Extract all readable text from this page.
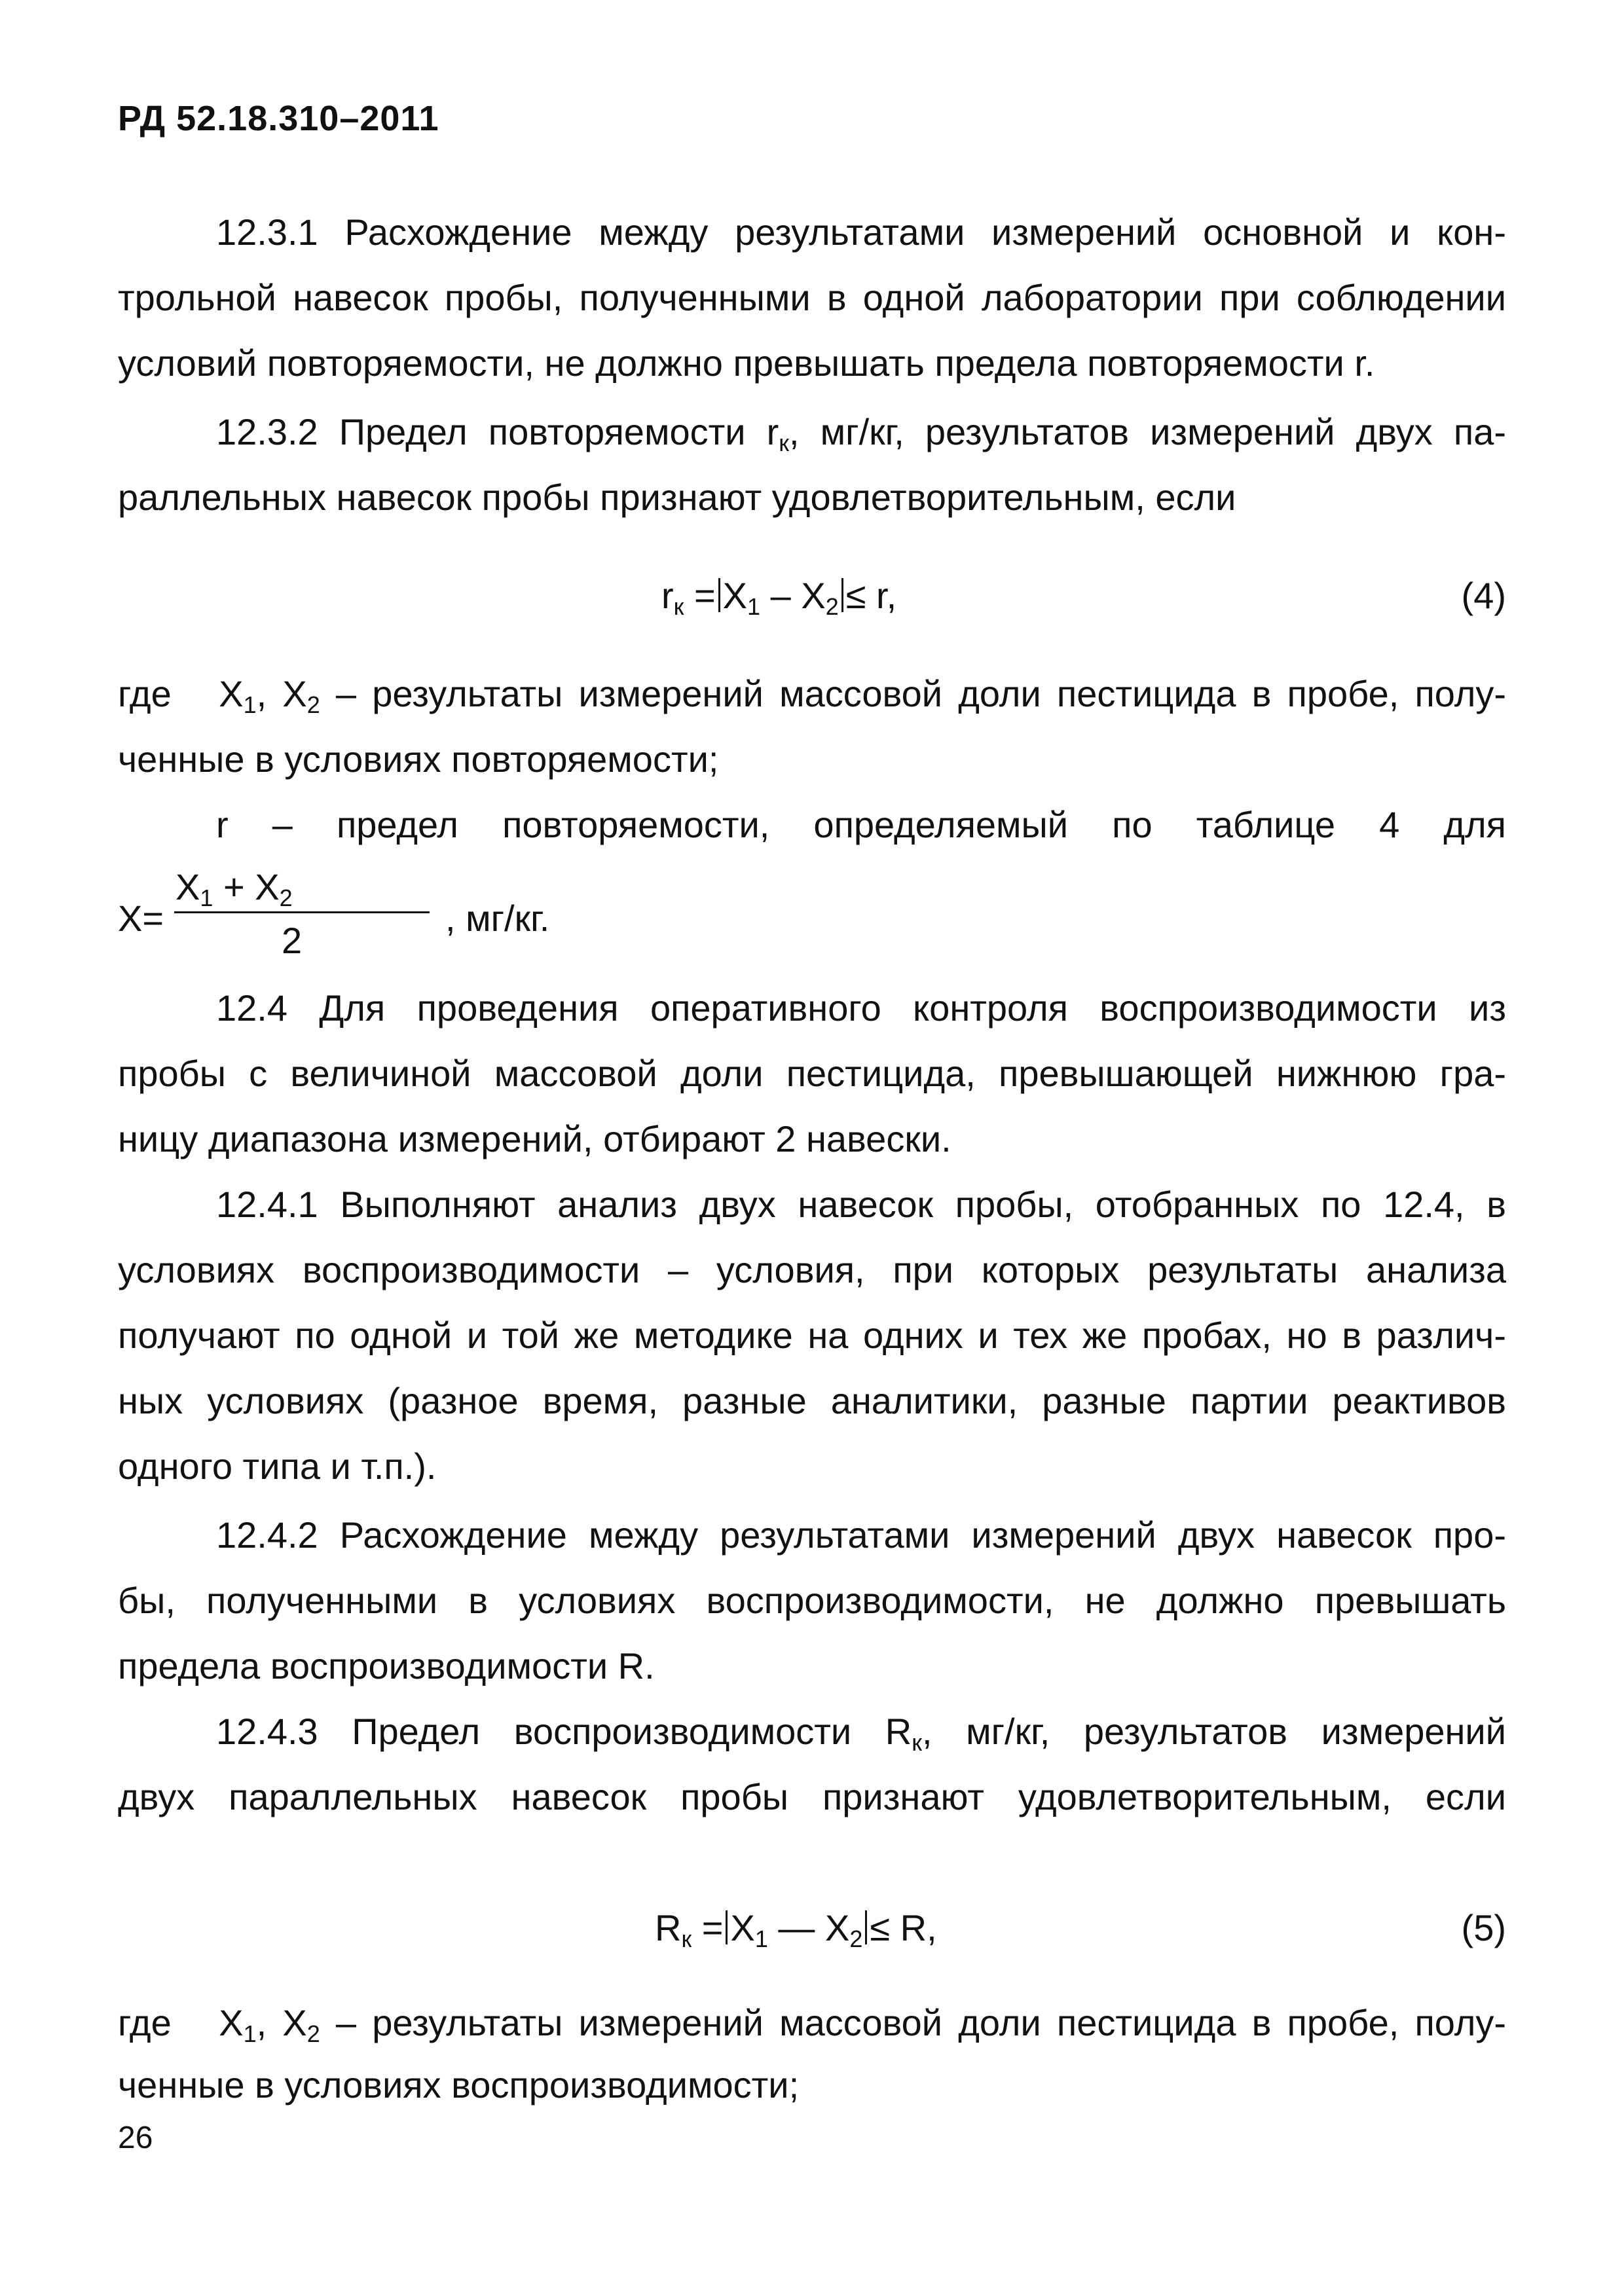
РД 52.18.310–2011
12.3.1 Расхождение между результатами измерений основной и кон-
трольной навесок пробы, полученными в одной лаборатории при соблюдении
условий повторяемости, не должно превышать предела повторяемости r.
12.3.2 Предел повторяемости $r_к$, мг/кг, результатов измерений двух па-
раллельных навесок пробы признают удовлетворительным, если
$r_к = X_1 - X_2 \le r$,	(4)
где $X_1$, $X_2$ – результаты измерений массовой доли пестицида в пробе, полу-
ченные в условиях повторяемости;
r – предел повторяемости, определяемый по таблице 4 для
X=
$X_1 + X_2$
2
, мг/кг.
12.4 Для проведения оперативного контроля воспроизводимости из
пробы с величиной массовой доли пестицида, превышающей нижнюю гра-
ницу диапазона измерений, отбирают 2 навески.
12.4.1 Выполняют анализ двух навесок пробы, отобранных по 12.4, в
условиях воспроизводимости – условия, при которых результаты анализа
получают по одной и той же методике на одних и тех же пробах, но в различ-
ных условиях (разное время, разные аналитики, разные партии реактивов
одного типа и т.п.).
12.4.2 Расхождение между результатами измерений двух навесок про-
бы, полученными в условиях воспроизводимости, не должно превышать
предела воспроизводимости R.
12.4.3 Предел воспроизводимости $R_к$, мг/кг, результатов измерений
двух параллельных навесок пробы признают удовлетворительным, если
$R_к = X_1$ — $X_2 \le R$,	(5)
где $X_1$, $X_2$ – результаты измерений массовой доли пестицида в пробе, полу-
ченные в условиях воспроизводимости;
26
